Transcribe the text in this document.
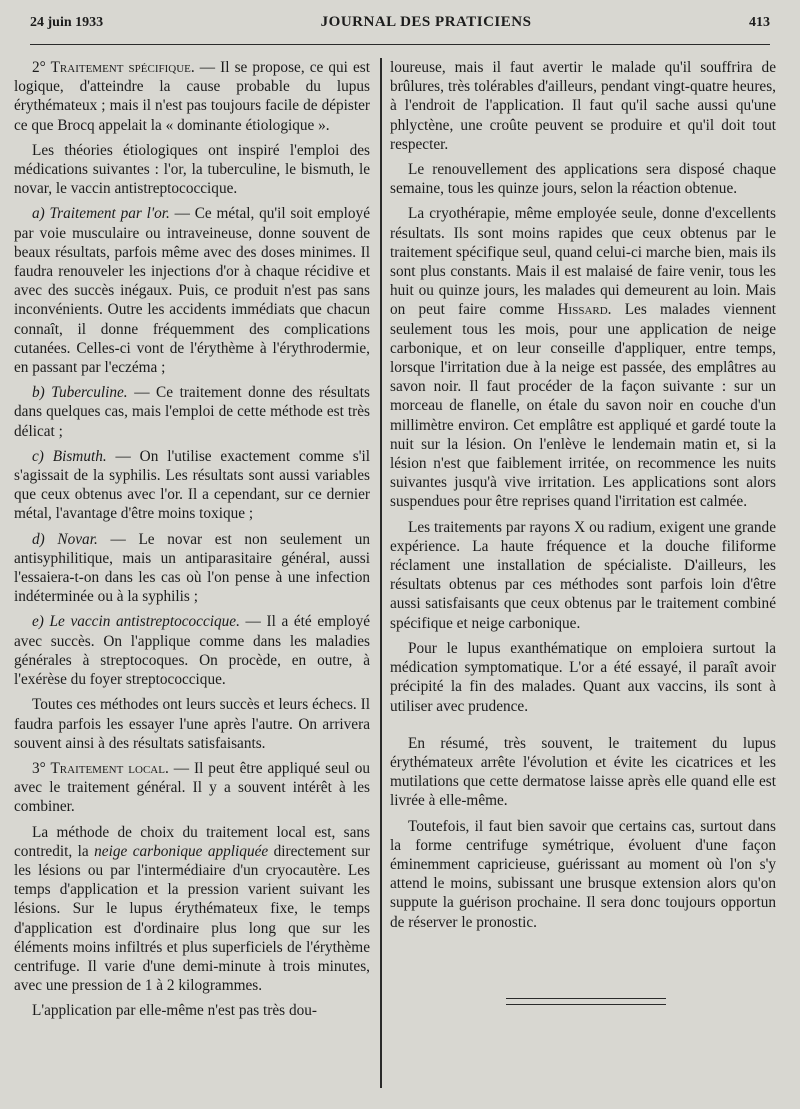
24 juin 1933	JOURNAL DES PRATICIENS	413

2° Traitement spécifique. — Il se propose, ce qui est logique, d'atteindre la cause probable du lupus érythémateux ; mais il n'est pas toujours facile de dépister ce que Brocq appelait la « dominante étiologique ».

Les théories étiologiques ont inspiré l'emploi des médications suivantes : l'or, la tuberculine, le bismuth, le novar, le vaccin antistreptococcique.

a) Traitement par l'or. — Ce métal, qu'il soit employé par voie musculaire ou intraveineuse, donne souvent de beaux résultats, parfois même avec des doses minimes. Il faudra renouveler les injections d'or à chaque récidive et avec des succès inégaux. Puis, ce produit n'est pas sans inconvénients. Outre les accidents immédiats que chacun connaît, il donne fréquemment des complications cutanées. Celles-ci vont de l'érythème à l'érythrodermie, en passant par l'eczéma ;

b) Tuberculine. — Ce traitement donne des résultats dans quelques cas, mais l'emploi de cette méthode est très délicat ;

c) Bismuth. — On l'utilise exactement comme s'il s'agissait de la syphilis. Les résultats sont aussi variables que ceux obtenus avec l'or. Il a cependant, sur ce dernier métal, l'avantage d'être moins toxique ;

d) Novar. — Le novar est non seulement un antisyphilitique, mais un antiparasitaire général, aussi l'essaiera-t-on dans les cas où l'on pense à une infection indéterminée ou à la syphilis ;

e) Le vaccin antistreptococcique. — Il a été employé avec succès. On l'applique comme dans les maladies générales à streptocoques. On procède, en outre, à l'exérèse du foyer streptococcique.

Toutes ces méthodes ont leurs succès et leurs échecs. Il faudra parfois les essayer l'une après l'autre. On arrivera souvent ainsi à des résultats satisfaisants.

3° Traitement local. — Il peut être appliqué seul ou avec le traitement général. Il y a souvent intérêt à les combiner.

La méthode de choix du traitement local est, sans contredit, la neige carbonique appliquée directement sur les lésions ou par l'intermédiaire d'un cryocautère. Les temps d'application et la pression varient suivant les lésions. Sur le lupus érythémateux fixe, le temps d'application est d'ordinaire plus long que sur les éléments moins infiltrés et plus superficiels de l'érythème centrifuge. Il varie d'une demi-minute à trois minutes, avec une pression de 1 à 2 kilogrammes.

L'application par elle-même n'est pas très dou-

loureuse, mais il faut avertir le malade qu'il souffrira de brûlures, très tolérables d'ailleurs, pendant vingt-quatre heures, à l'endroit de l'application. Il faut qu'il sache aussi qu'une phlyctène, une croûte peuvent se produire et qu'il doit tout respecter.

Le renouvellement des applications sera disposé chaque semaine, tous les quinze jours, selon la réaction obtenue.

La cryothérapie, même employée seule, donne d'excellents résultats. Ils sont moins rapides que ceux obtenus par le traitement spécifique seul, quand celui-ci marche bien, mais ils sont plus constants. Mais il est malaisé de faire venir, tous les huit ou quinze jours, les malades qui demeurent au loin. Mais on peut faire comme Hissard. Les malades viennent seulement tous les mois, pour une application de neige carbonique, et on leur conseille d'appliquer, entre temps, lorsque l'irritation due à la neige est passée, des emplâtres au savon noir. Il faut procéder de la façon suivante : sur un morceau de flanelle, on étale du savon noir en couche d'un millimètre environ. Cet emplâtre est appliqué et gardé toute la nuit sur la lésion. On l'enlève le lendemain matin et, si la lésion n'est que faiblement irritée, on recommence les nuits suivantes jusqu'à vive irritation. Les applications sont alors suspendues pour être reprises quand l'irritation est calmée.

Les traitements par rayons X ou radium, exigent une grande expérience. La haute fréquence et la douche filiforme réclament une installation de spécialiste. D'ailleurs, les résultats obtenus par ces méthodes sont parfois loin d'être aussi satisfaisants que ceux obtenus par le traitement combiné spécifique et neige carbonique.

Pour le lupus exanthématique on emploiera surtout la médication symptomatique. L'or a été essayé, il paraît avoir précipité la fin des malades. Quant aux vaccins, ils sont à utiliser avec prudence.

En résumé, très souvent, le traitement du lupus érythémateux arrête l'évolution et évite les cicatrices et les mutilations que cette dermatose laisse après elle quand elle est livrée à elle-même.

Toutefois, il faut bien savoir que certains cas, surtout dans la forme centrifuge symétrique, évoluent d'une façon éminemment capricieuse, guérissant au moment où l'on s'y attend le moins, subissant une brusque extension alors qu'on suppute la guérison prochaine. Il sera donc toujours opportun de réserver le pronostic.
